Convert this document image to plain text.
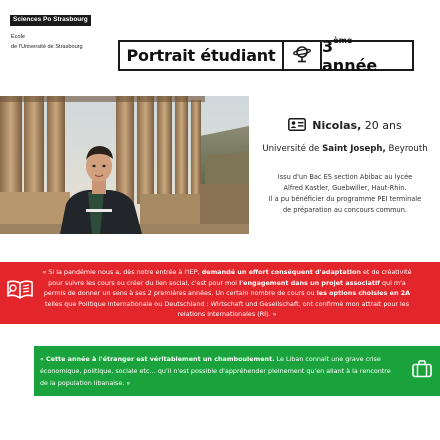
Sciences Po Strasbourg
École
de l'Université de Strasbourg	Portrait étudiant	3ème année
Nicolas, 20 ans
Université de Saint Joseph, Beyrouth
Issu d'un Bac ES section Abibac au lycée
Alfred Kastler, Guebwiller, Haut-Rhin.
Il a pu bénéficier du programme PEI terminale
de préparation au concours commun.
« Si la pandémie nous a, dès notre entrée à l'IEP, demandé un effort conséquent d'adaptation et de créativité pour suivre les cours ou créer du lien social, c'est pour moi l'engagement dans un projet associatif qui m'a permis de donner un sens à ses 2 premières années. Un certain nombre de cours ou les options choisies en 2A telles que Politique internationale ou Deutschland : Wirtschaft und Gesellschaft, ont confirmé mon attrait pour les relations internationales (RI). »
« Cette année à l'étranger est véritablement un chamboulement. Le Liban connait une grave crise économique, politique, sociale etc… qu'il n'est possible d'appréhender pleinement qu'en allant à la rencontre de la population libanaise. »
